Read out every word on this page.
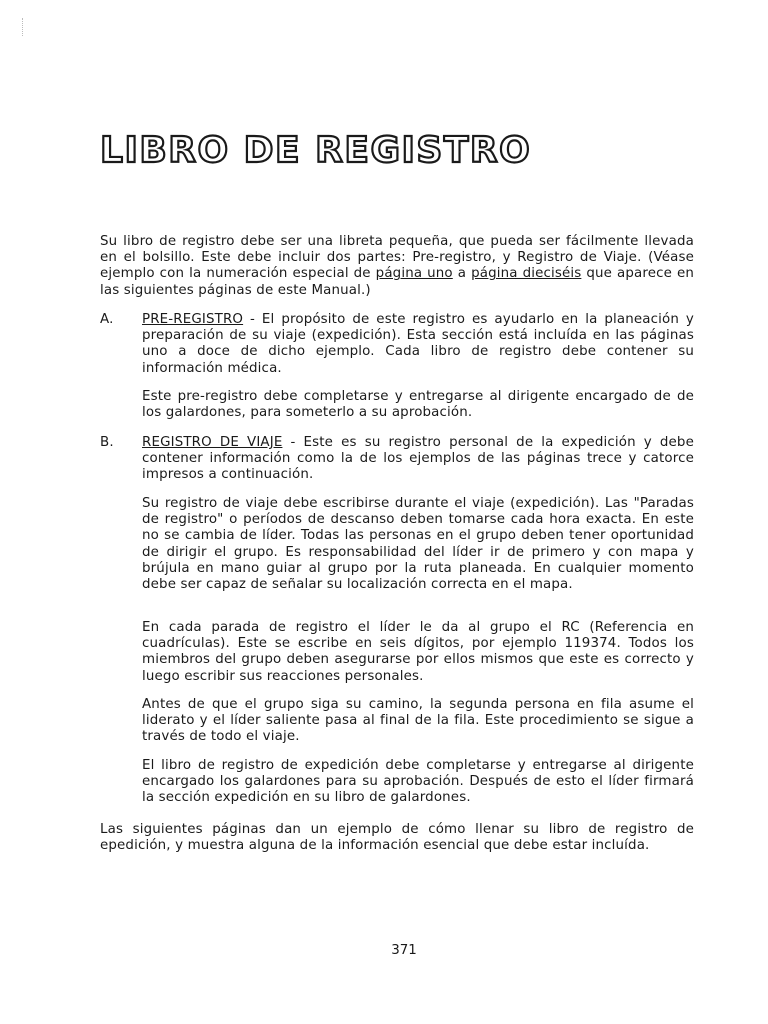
LIBRO DE REGISTRO

Su libro de registro debe ser una libreta pequeña, que pueda ser fácilmente llevada en el bolsillo. Este debe incluir dos partes: Pre-registro, y Registro de Viaje. (Véase ejemplo con la numeración especial de página uno a página dieciséis que aparece en las siguientes páginas de este Manual.)

A.	PRE-REGISTRO - El propósito de este registro es ayudarlo en la planeación y preparación de su viaje (expedición). Esta sección está incluída en las páginas uno a doce de dicho ejemplo. Cada libro de registro debe contener su información médica.

Este pre-registro debe completarse y entregarse al dirigente encargado de de los galardones, para someterlo a su aprobación.

B.	REGISTRO DE VIAJE - Este es su registro personal de la expedición y debe contener información como la de los ejemplos de las páginas trece y catorce impresos a continuación.

Su registro de viaje debe escribirse durante el viaje (expedición). Las "Paradas de registro" o períodos de descanso deben tomarse cada hora exacta. En este no se cambia de líder. Todas las personas en el grupo deben tener oportunidad de dirigir el grupo. Es responsabilidad del líder ir de primero y con mapa y brújula en mano guiar al grupo por la ruta planeada. En cualquier momento debe ser capaz de señalar su localización correcta en el mapa.

En cada parada de registro el líder le da al grupo el RC (Referencia en cuadrículas). Este se escribe en seis dígitos, por ejemplo 119374. Todos los miembros del grupo deben asegurarse por ellos mismos que este es correcto y luego escribir sus reacciones personales.

Antes de que el grupo siga su camino, la segunda persona en fila asume el liderato y el líder saliente pasa al final de la fila. Este procedimiento se sigue a través de todo el viaje.

El libro de registro de expedición debe completarse y entregarse al dirigente encargado los galardones para su aprobación. Después de esto el líder firmará la sección expedición en su libro de galardones.

Las siguientes páginas dan un ejemplo de cómo llenar su libro de registro de epedición, y muestra alguna de la información esencial que debe estar incluída.

371
